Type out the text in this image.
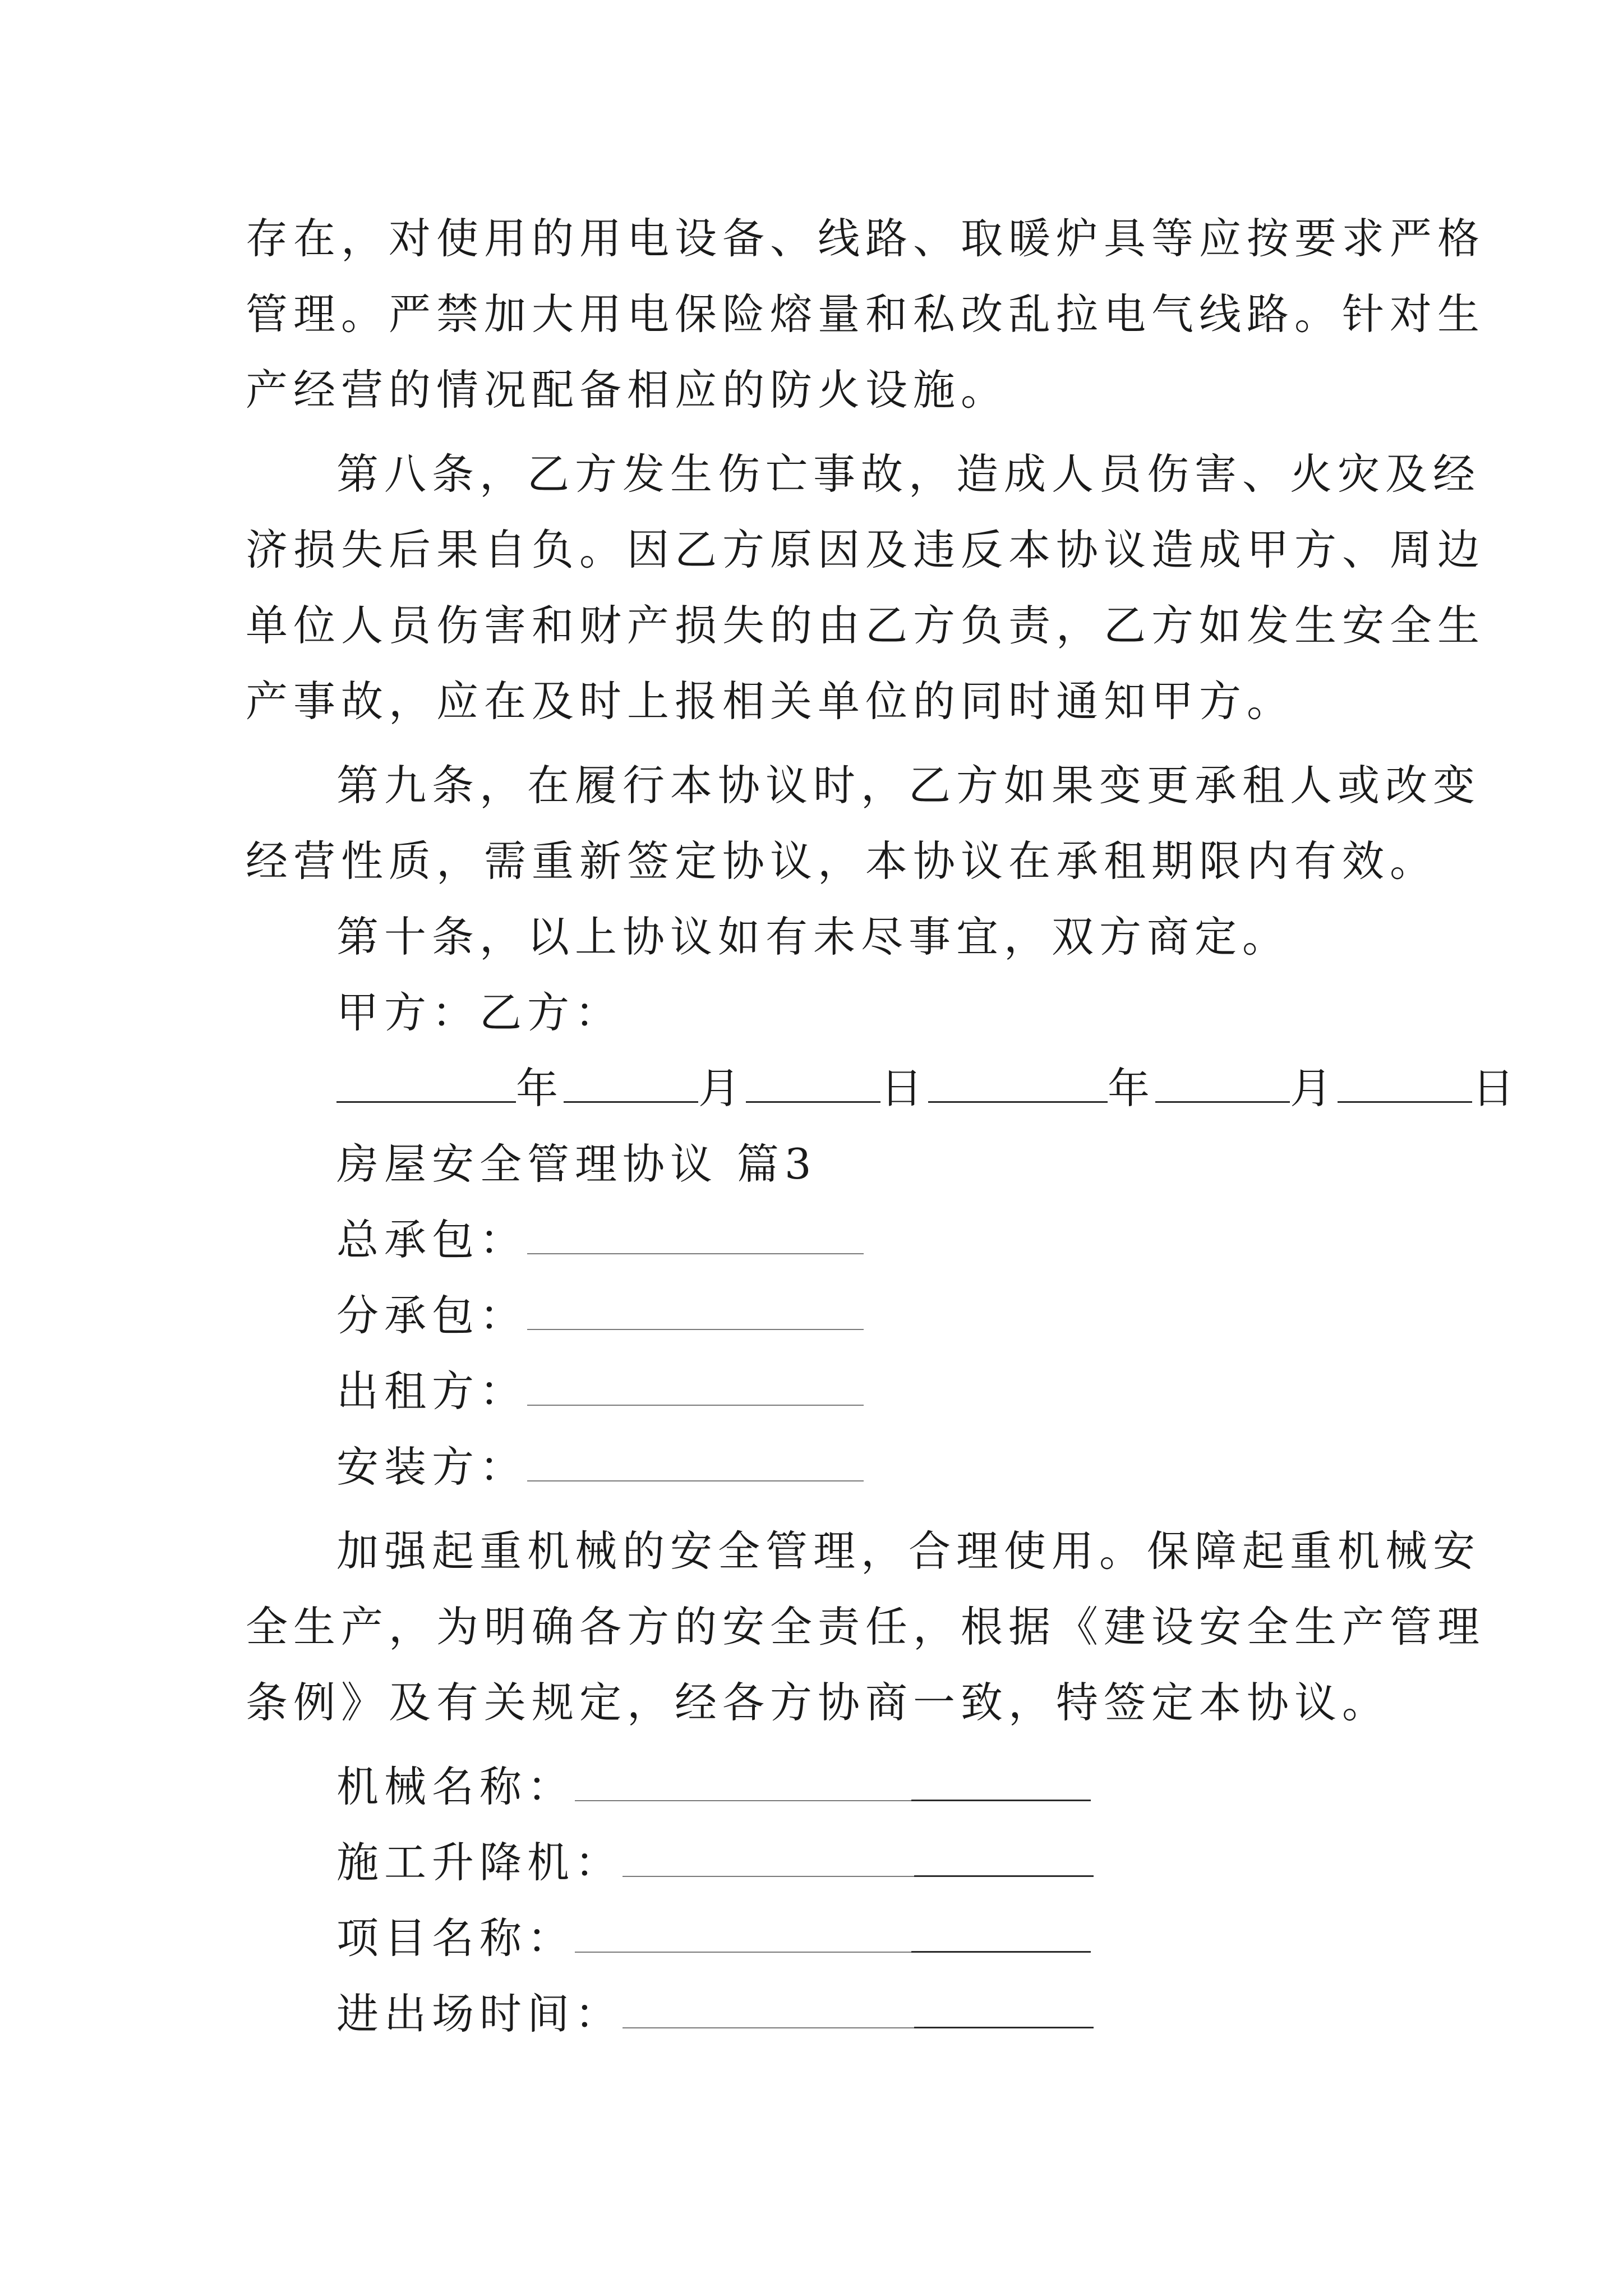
存在，对使用的用电设备、线路、取暖炉具等应按要求严格
管理。严禁加大用电保险熔量和私改乱拉电气线路。针对生
产经营的情况配备相应的防火设施。
第八条，乙方发生伤亡事故，造成人员伤害、火灾及经
济损失后果自负。因乙方原因及违反本协议造成甲方、周边
单位人员伤害和财产损失的由乙方负责，乙方如发生安全生
产事故，应在及时上报相关单位的同时通知甲方。
第九条，在履行本协议时，乙方如果变更承租人或改变
经营性质，需重新签定协议，本协议在承租期限内有效。
第十条，以上协议如有未尽事宜，双方商定。
甲方：乙方：
年	月	日	年	月	日
房屋安全管理协议 篇3
总承包：
分承包：
出租方：
安装方：
加强起重机械的安全管理，合理使用。保障起重机械安
全生产，为明确各方的安全责任，根据《建设安全生产管理
条例》及有关规定，经各方协商一致，特签定本协议。
机械名称：
施工升降机：
项目名称：
进出场时间：
